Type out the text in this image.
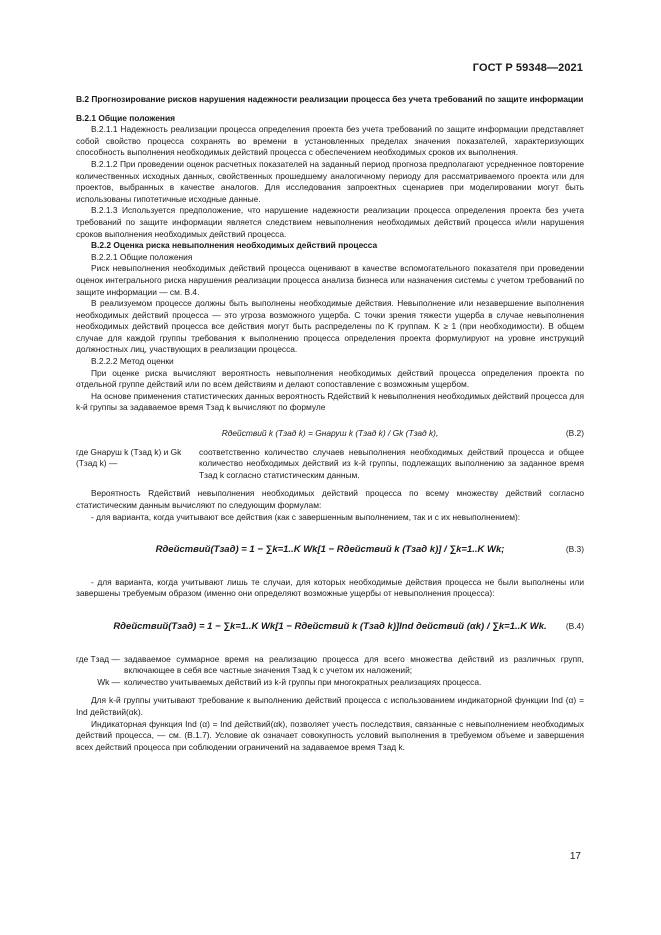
ГОСТ Р 59348—2021

В.2 Прогнозирование рисков нарушения надежности реализации процесса без учета требований по защите информации

В.2.1 Общие положения

В.2.1.1 Надежность реализации процесса определения проекта без учета требований по защите информации представляет собой свойство процесса сохранять во времени в установленных пределах значения показателей, характеризующих способность выполнения необходимых действий процесса с обеспечением необходимых сроков их выполнения.

В.2.1.2 При проведении оценок расчетных показателей на заданный период прогноза предполагают усредненное повторение количественных исходных данных, свойственных прошедшему аналогичному периоду для рассматриваемого проекта или для проектов, выбранных в качестве аналогов. Для исследования запроектных сценариев при моделировании могут быть использованы гипотетичные исходные данные.

В.2.1.3 Используется предположение, что нарушение надежности реализации процесса определения проекта без учета требований по защите информации является следствием невыполнения необходимых действий процесса и/или нарушения сроков выполнения необходимых действий процесса.

В.2.2 Оценка риска невыполнения необходимых действий процесса

В.2.2.1 Общие положения

Риск невыполнения необходимых действий процесса оценивают в качестве вспомогательного показателя при проведении оценок интегрального риска нарушения реализации процесса анализа бизнеса или назначения системы с учетом требований по защите информации — см. В.4.

В реализуемом процессе должны быть выполнены необходимые действия. Невыполнение или незавершение выполнения необходимых действий процесса — это угроза возможного ущерба. С точки зрения тяжести ущерба в случае невыполнения необходимых действий процесса все действия могут быть распределены по K группам. K ≥ 1 (при необходимости). В общем случае для каждой группы требования к выполнению процесса определения проекта формулируют на уровне инструкций должностных лиц, участвующих в реализации процесса.

В.2.2.2 Метод оценки

При оценке риска вычисляют вероятность невыполнения необходимых действий процесса определения проекта по отдельной группе действий или по всем действиям и делают сопоставление с возможным ущербом.

На основе применения статистических данных вероятность Rдействий k невыполнения необходимых действий процесса для k-й группы за задаваемое время Tзад k вычисляют по формуле

Rдействий k (Tзад k) = Gнаруш k (Tзад k) / Gk (Tзад k),	(В.2)
где Gнаруш k (Tзад k) и Gk (Tзад k) —
соответственно количество случаев невыполнения необходимых действий процесса и общее количество необходимых действий из k-й группы, подлежащих выполнению за заданное время Tзад k согласно статистическим данным.

Вероятность Rдействий невыполнения необходимых действий процесса по всему множеству действий согласно статистическим данным вычисляют по следующим формулам:

- для варианта, когда учитывают все действия (как с завершенным выполнением, так и с их невыполнением):

Rдействий(Tзад) = 1 − ∑k=1..K Wk[1 − Rдействий k (Tзад k)] / ∑k=1..K Wk;	(В.3)

- для варианта, когда учитывают лишь те случаи, для которых необходимые действия процесса не были выполнены или завершены требуемым образом (именно они определяют возможные ущербы от невыполнения процесса):

Rдействий(Tзад) = 1 − ∑k=1..K Wk[1 − Rдействий k (Tзад k)]Ind действий (αk) / ∑k=1..K Wk. (В.4)
где Tзад — задаваемое суммарное время на реализацию процесса для всего множества действий из различных групп, включающее в себя все частные значения Tзад k с учетом их наложений;
Wk — количество учитываемых действий из k-й группы при многократных реализациях процесса.

Для k-й группы учитывают требование к выполнению действий процесса с использованием индикаторной функции Ind (α) = Ind действий(αk).

Индикаторная функция Ind (α) = Ind действий(αk), позволяет учесть последствия, связанные с невыполнением необходимых действий процесса, — см. (В.1.7). Условие αk означает совокупность условий выполнения в требуемом объеме и завершения всех действий процесса при соблюдении ограничений на задаваемое время Tзад k.

17
